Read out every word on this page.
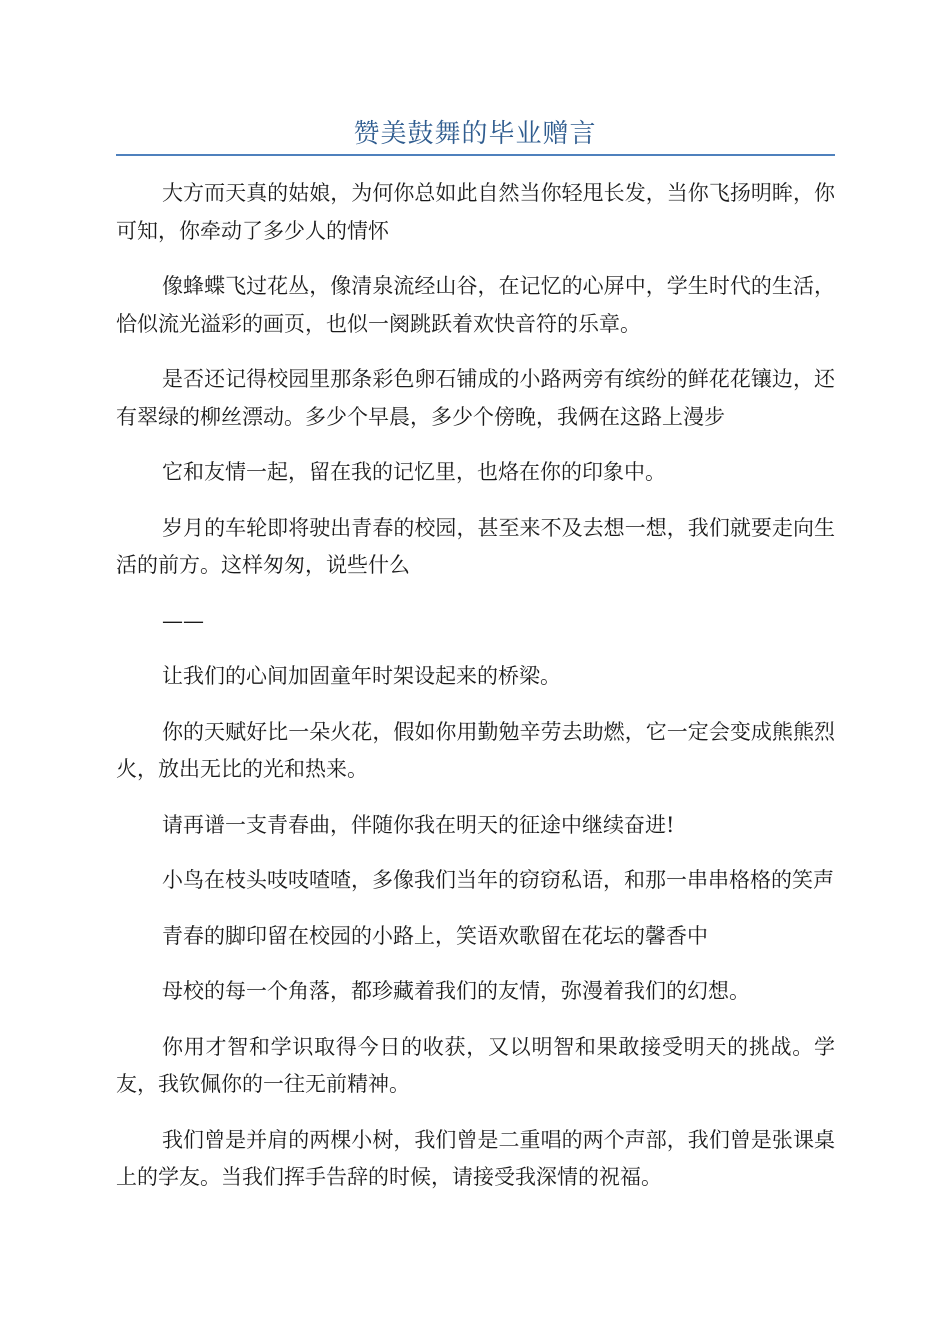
赞美鼓舞的毕业赠言

大方而天真的姑娘，为何你总如此自然当你轻甩长发，当你飞扬明眸，你可知，你牵动了多少人的情怀

像蜂蝶飞过花丛，像清泉流经山谷，在记忆的心屏中，学生时代的生活，恰似流光溢彩的画页，也似一阕跳跃着欢快音符的乐章。

是否还记得校园里那条彩色卵石铺成的小路两旁有缤纷的鲜花花镶边，还有翠绿的柳丝漂动。多少个早晨，多少个傍晚，我俩在这路上漫步

它和友情一起，留在我的记忆里，也烙在你的印象中。

岁月的车轮即将驶出青春的校园，甚至来不及去想一想，我们就要走向生活的前方。这样匆匆，说些什么

——

让我们的心间加固童年时架设起来的桥梁。

你的天赋好比一朵火花，假如你用勤勉辛劳去助燃，它一定会变成熊熊烈火，放出无比的光和热来。

请再谱一支青春曲，伴随你我在明天的征途中继续奋进!

小鸟在枝头吱吱喳喳，多像我们当年的窃窃私语，和那一串串格格的笑声

青春的脚印留在校园的小路上，笑语欢歌留在花坛的馨香中

母校的每一个角落，都珍藏着我们的友情，弥漫着我们的幻想。

你用才智和学识取得今日的收获，又以明智和果敢接受明天的挑战。学友，我钦佩你的一往无前精神。

我们曾是并肩的两棵小树，我们曾是二重唱的两个声部，我们曾是张课桌上的学友。当我们挥手告辞的时候，请接受我深情的祝福。
